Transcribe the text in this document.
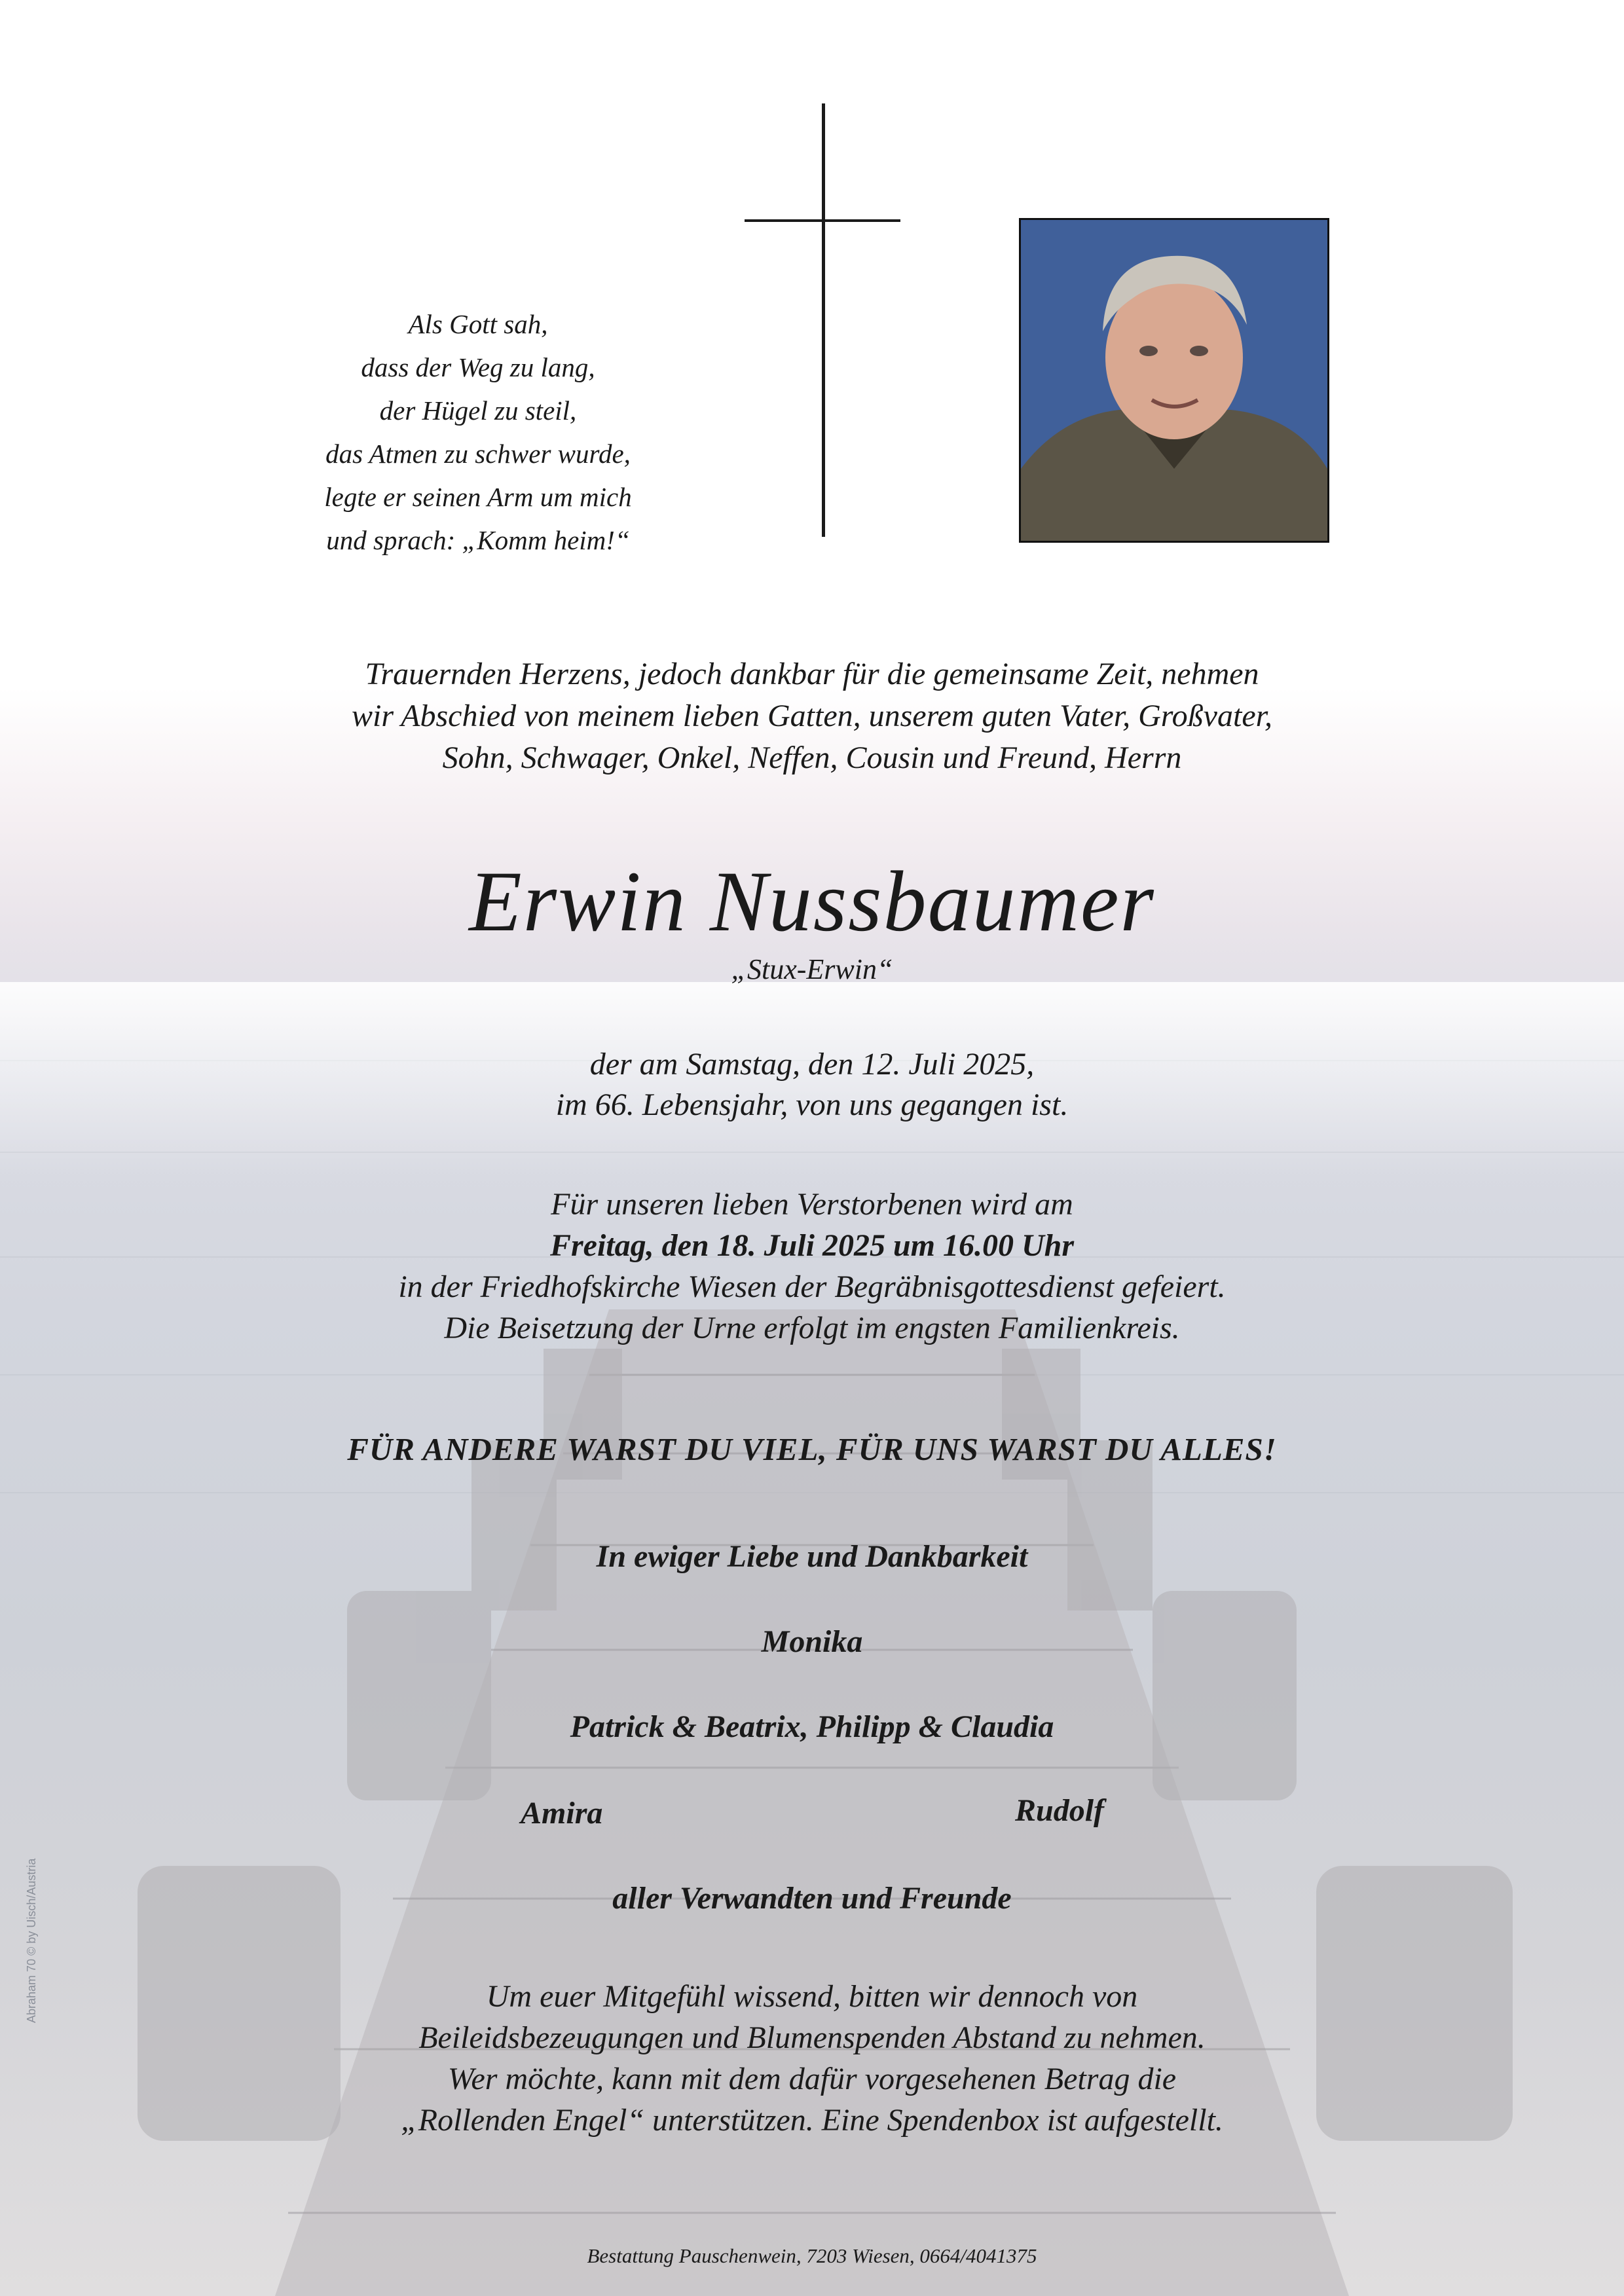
Als Gott sah,
dass der Weg zu lang,
der Hügel zu steil,
das Atmen zu schwer wurde,
legte er seinen Arm um mich
und sprach: „Komm heim!“
Trauernden Herzens, jedoch dankbar für die gemeinsame Zeit, nehmen
wir Abschied von meinem lieben Gatten, unserem guten Vater, Großvater,
Sohn, Schwager, Onkel, Neffen, Cousin und Freund, Herrn
Erwin Nussbaumer
„Stux-Erwin“
der am Samstag, den 12. Juli 2025,
im 66. Lebensjahr, von uns gegangen ist.
Für unseren lieben Verstorbenen wird am
Freitag, den 18. Juli 2025 um 16.00 Uhr
in der Friedhofskirche Wiesen der Begräbnisgottesdienst gefeiert.
Die Beisetzung der Urne erfolgt im engsten Familienkreis.
FÜR ANDERE WARST DU VIEL, FÜR UNS WARST DU ALLES!
In ewiger Liebe und Dankbarkeit
Monika
Patrick & Beatrix, Philipp & Claudia
Amira	Rudolf
aller Verwandten und Freunde
Um euer Mitgefühl wissend, bitten wir dennoch von
Beileidsbezeugungen und Blumenspenden Abstand zu nehmen.
Wer möchte, kann mit dem dafür vorgesehenen Betrag die
„Rollenden Engel“ unterstützen. Eine Spendenbox ist aufgestellt.
Bestattung Pauschenwein, 7203 Wiesen, 0664/4041375
Abraham 70 © by Uisch/Austria
